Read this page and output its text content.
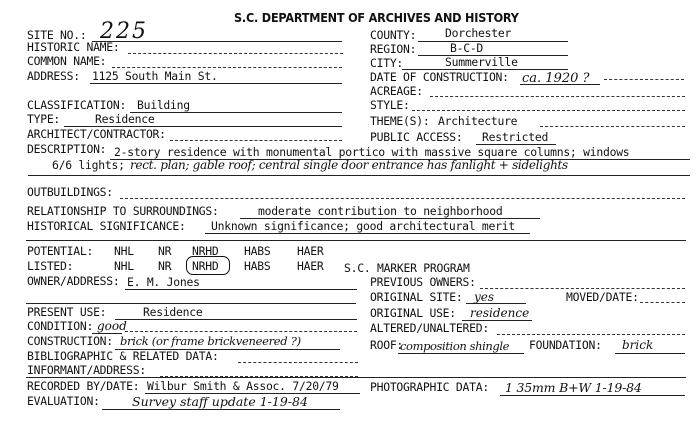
S.C. DEPARTMENT OF ARCHIVES AND HISTORY
SITE NO.: 225
HISTORIC NAME:
COMMON NAME:
ADDRESS: 1125 South Main St.
COUNTY:	Dorchester
REGION:	B-C-D
CITY:	Summerville
DATE OF CONSTRUCTION: ca. 1920 ?
ACREAGE:
STYLE:
CLASSIFICATION: Building
TYPE:	Residence
ARCHITECT/CONTRACTOR:
THEME(S): Architecture
PUBLIC ACCESS: Restricted
DESCRIPTION: 2-story residence with monumental portico with massive square columns; windows
6/6 lights; rect. plan; gable roof; central single door entrance has fanlight + sidelights
OUTBUILDINGS:
RELATIONSHIP TO SURROUNDINGS:	moderate contribution to neighborhood
HISTORICAL SIGNIFICANCE: Unknown significance; good architectural merit
POTENTIAL: NHL NR NRHD HABS HAER
LISTED:	NHL NR NRHD HABS HAER S.C. MARKER PROGRAM
OWNER/ADDRESS: E. M. Jones	PREVIOUS OWNERS:
ORIGINAL SITE: yes	MOVED/DATE:
PRESENT USE:	Residence	ORIGINAL USE: residence
CONDITION: good	ALTERED/UNALTERED:
CONSTRUCTION: brick (or frame brickveneered ?)	ROOF:
composition shingle FOUNDATION: brick
BIBLIOGRAPHIC & RELATED DATA:
INFORMANT/ADDRESS:
RECORDED BY/DATE: Wilbur Smith & Assoc. 7/20/79	PHOTOGRAPHIC DATA: 1 35mm B+W 1-19-84
EVALUATION:	Survey staff update 1-19-84
